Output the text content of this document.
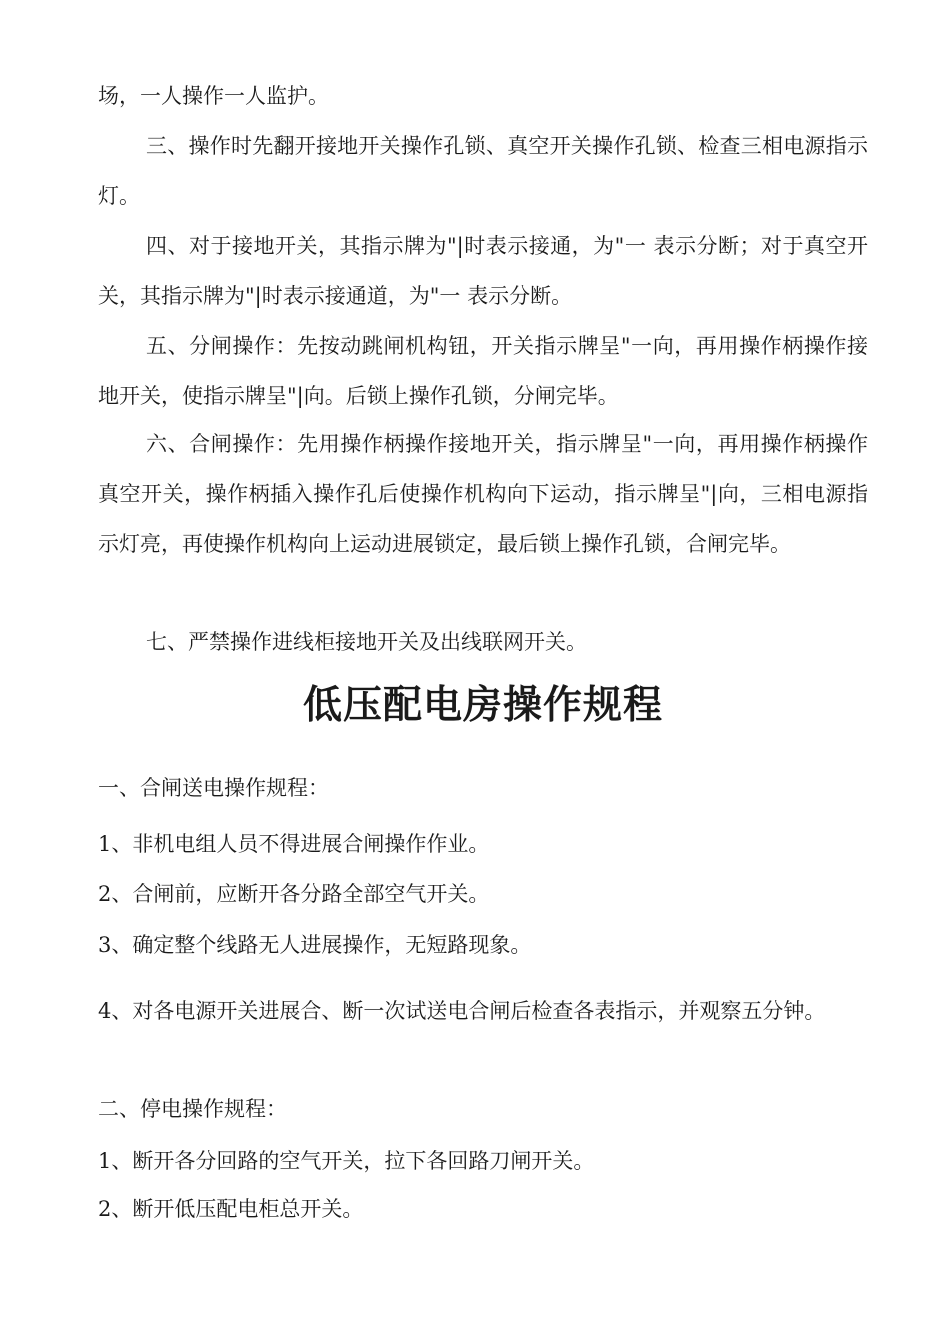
场，一人操作一人监护。

三、操作时先翻开接地开关操作孔锁、真空开关操作孔锁、检查三相电源指示灯。

四、对于接地开关，其指示牌为"|时表示接通，为"一 表示分断；对于真空开关，其指示牌为"|时表示接通道，为"一 表示分断。

五、分闸操作：先按动跳闸机构钮，开关指示牌呈"一向，再用操作柄操作接地开关，使指示牌呈"|向。后锁上操作孔锁，分闸完毕。

六、合闸操作：先用操作柄操作接地开关，指示牌呈"一向，再用操作柄操作真空开关，操作柄插入操作孔后使操作机构向下运动，指示牌呈"|向，三相电源指示灯亮，再使操作机构向上运动进展锁定，最后锁上操作孔锁，合闸完毕。

七、严禁操作进线柜接地开关及出线联网开关。

低压配电房操作规程

一、合闸送电操作规程：

1、非机电组人员不得进展合闸操作作业。

2、合闸前，应断开各分路全部空气开关。

3、确定整个线路无人进展操作，无短路现象。

4、对各电源开关进展合、断一次试送电合闸后检查各表指示，并观察五分钟。

二、停电操作规程：

1、断开各分回路的空气开关，拉下各回路刀闸开关。

2、断开低压配电柜总开关。
